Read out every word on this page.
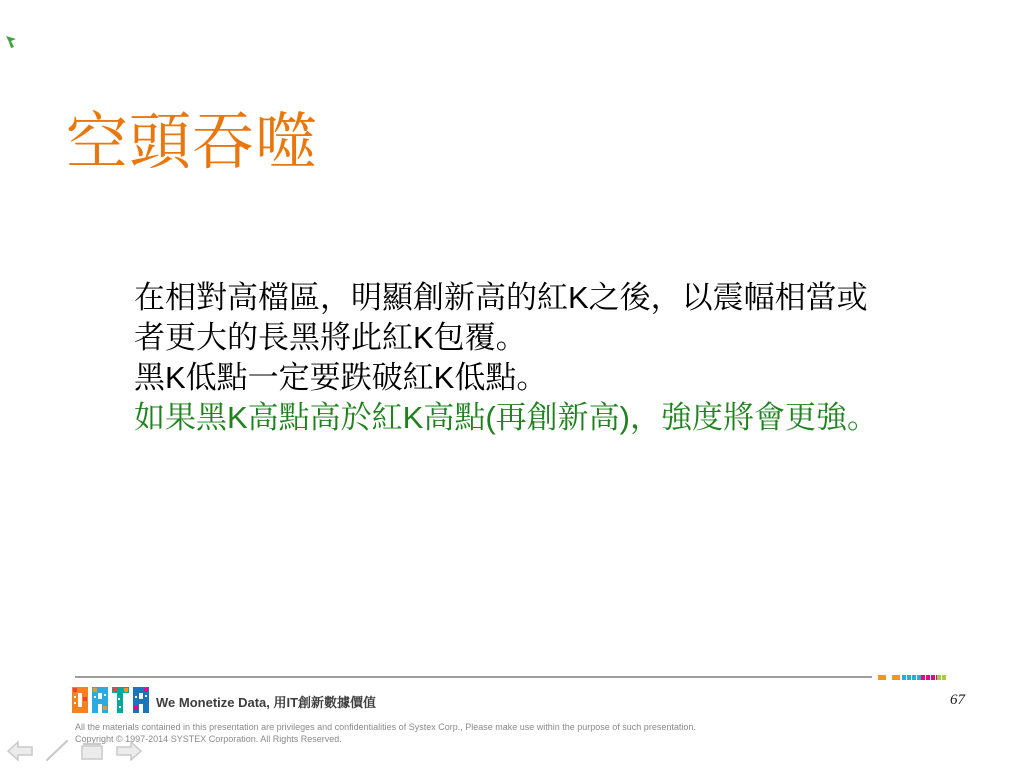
空頭吞噬
在相對高檔區，明顯創新高的紅K之後，以震幅相當或
者更大的長黑將此紅K包覆。
黑K低點一定要跌破紅K低點。
如果黑K高點高於紅K高點(再創新高)，強度將會更強。
We Monetize Data, 用IT創新數據價值
All the materials contained in this presentation are privileges and confidentialities of Systex Corp., Please make use within the purpose of such presentation.
Copyright © 1997-2014 SYSTEX Corporation. All Rights Reserved.
67
